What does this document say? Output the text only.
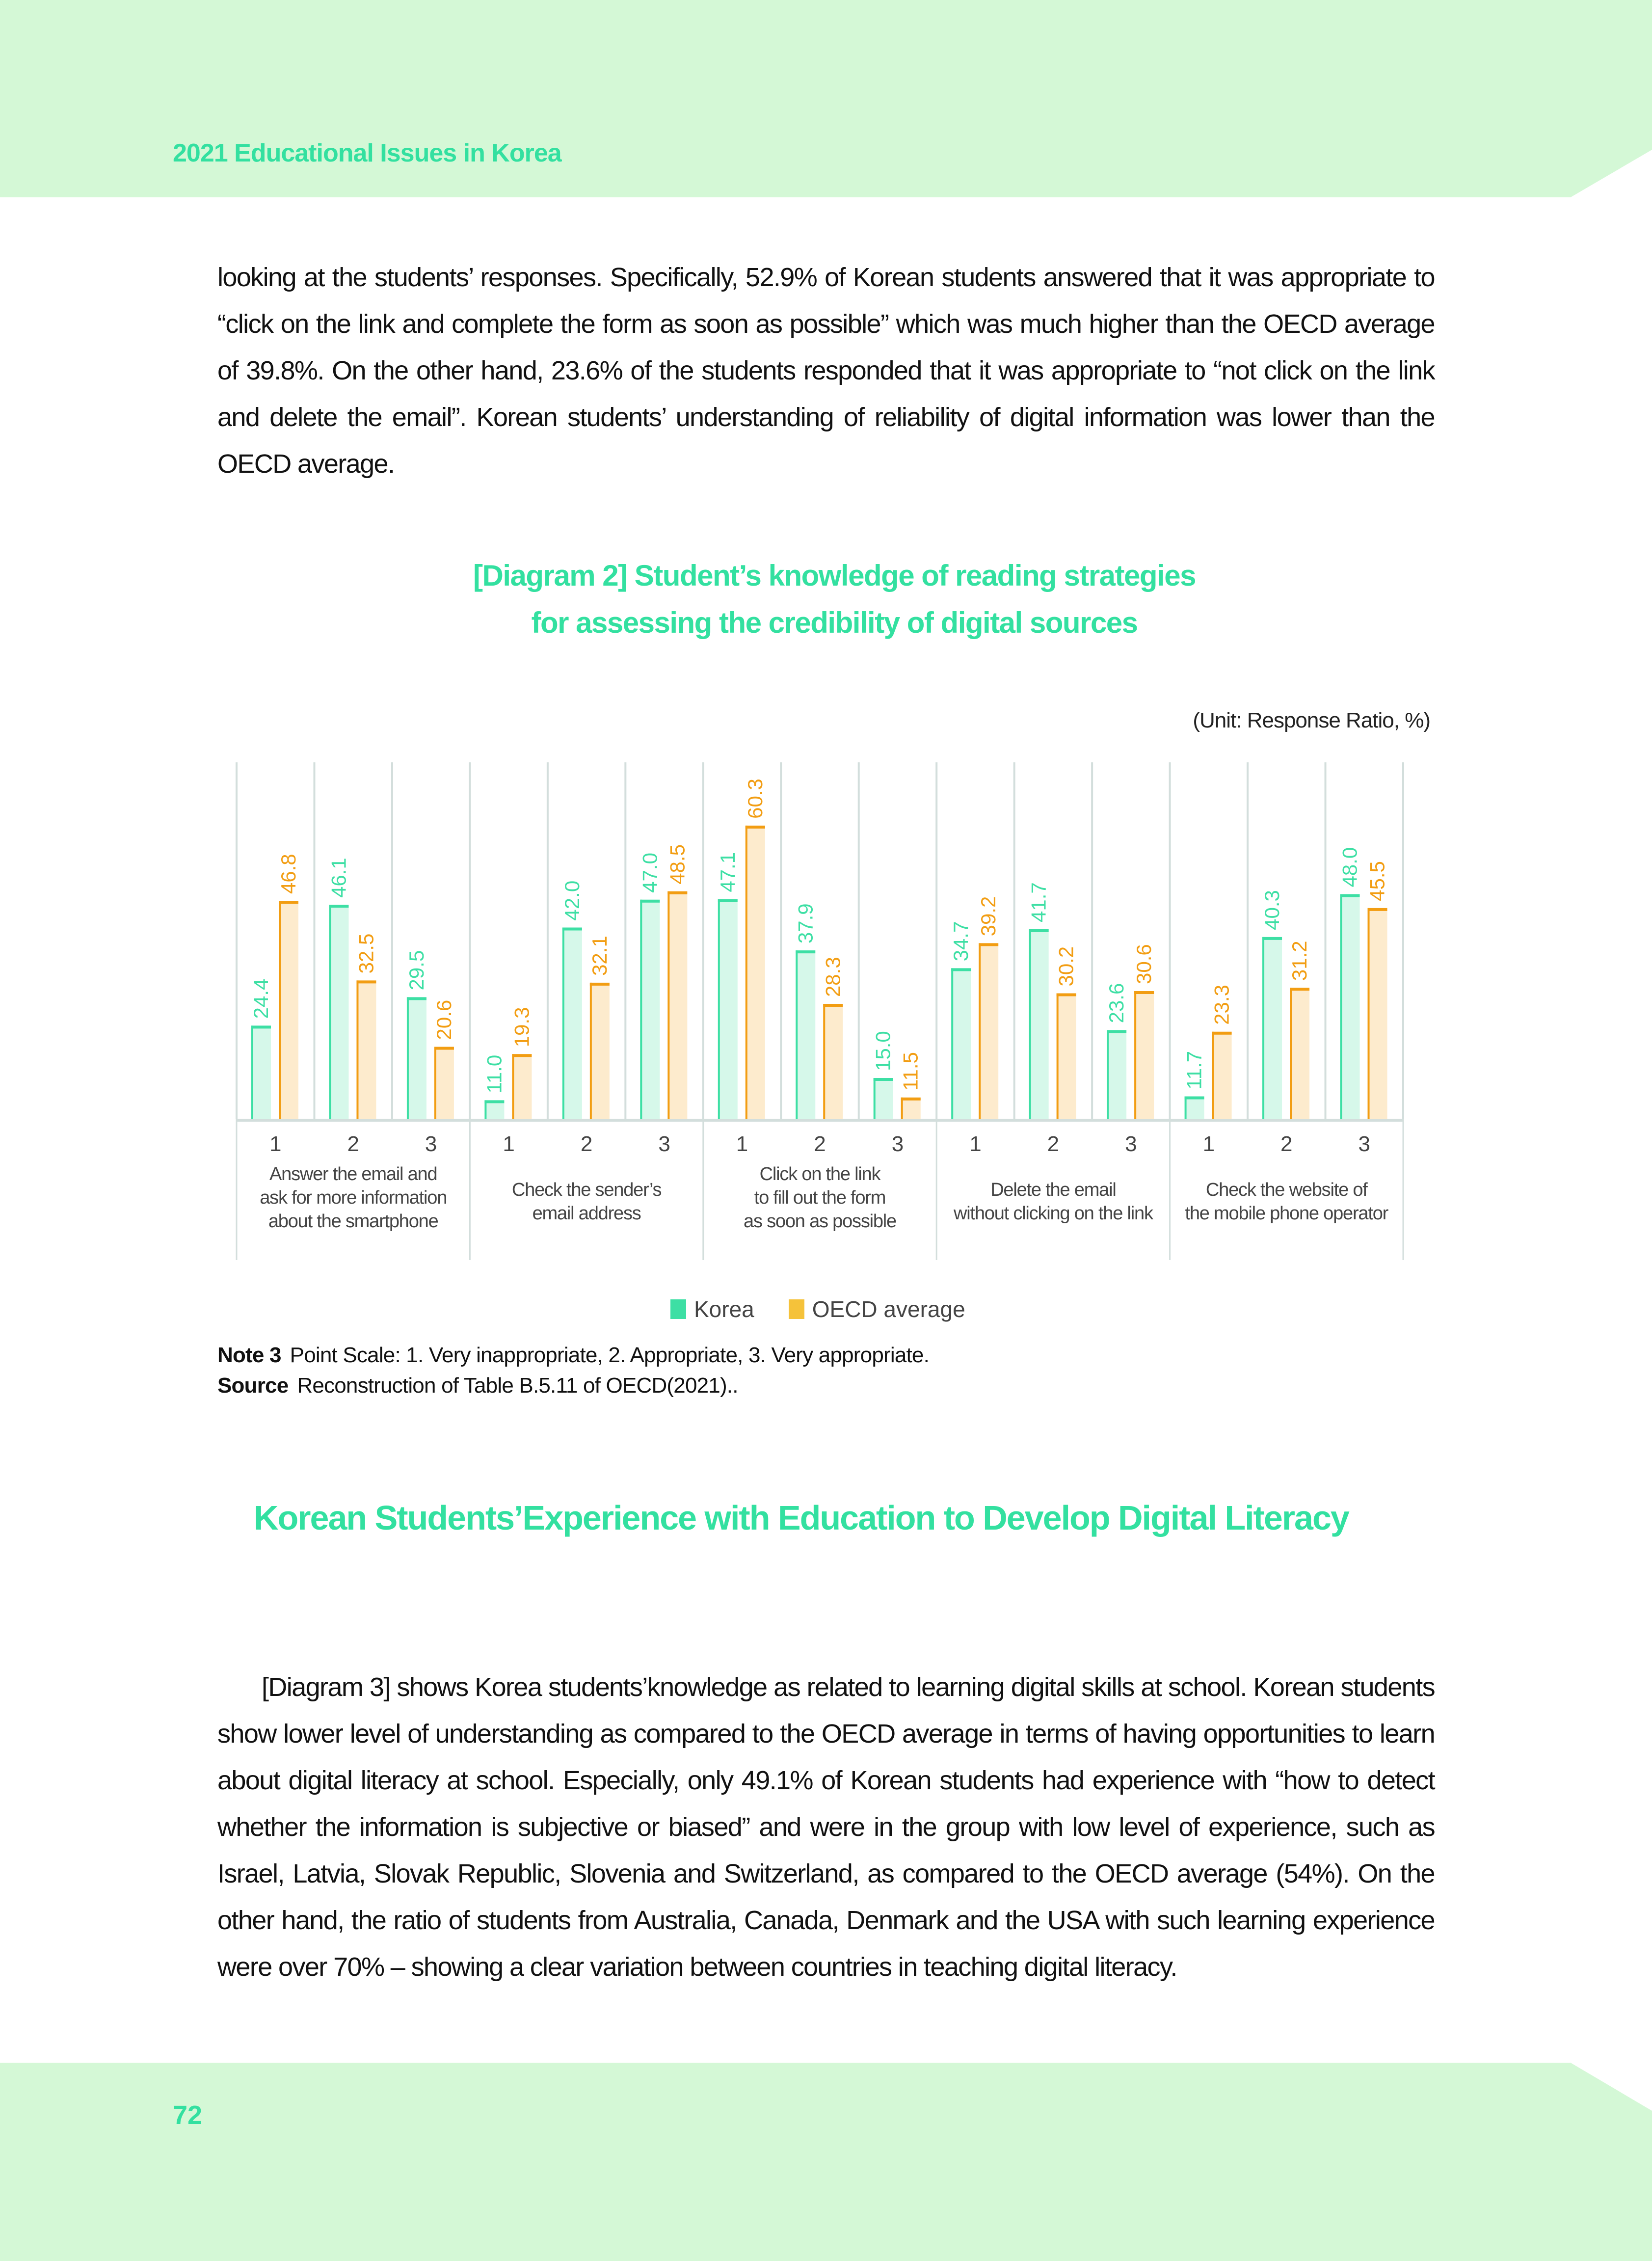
2021 Educational Issues in Korea

looking at the students’ responses. Specifically, 52.9% of Korean students answered that it was appropriate to “click on the link and complete the form as soon as possible” which was much higher than the OECD average of 39.8%. On the other hand, 23.6% of the students responded that it was appropriate to “not click on the link and delete the email”. Korean students’ understanding of reliability of digital information was lower than the OECD average.

[Diagram 2] Student’s knowledge of reading strategies
for assessing the credibility of digital sources
(Unit: Response Ratio, %)
24.4
46.8
1
46.1
32.5
2
29.5
20.6
3
11.0
19.3
1
42.0
32.1
2
47.0 48.5
3
47.1
60.3
1
37.9
28.3
2
15.0
11.5
3
34.7
39.2
1
41.7
30.2
2
23.6
30.6
3
11.7
23.3
1
40.3
31.2
2
48.0 45.5
3
Answer the email and
ask for more information
about the smartphone
Check the sender’s
email address
Click on the link
to fill out the form
as soon as possible
Delete the email
without clicking on the link
Check the website of
the mobile phone operator
Korea	OECD average
Note 3 Point Scale: 1. Very inappropriate, 2. Appropriate, 3. Very appropriate.
Source Reconstruction of Table B.5.11 of OECD(2021)..
Korean Students’Experience with Education to Develop Digital Literacy

[Diagram 3] shows Korea students’knowledge as related to learning digital skills at school. Korean students show lower level of understanding as compared to the OECD average in terms of having opportunities to learn about digital literacy at school. Especially, only 49.1% of Korean students had experience with “how to detect whether the information is subjective or biased” and were in the group with low level of experience, such as Israel, Latvia, Slovak Republic, Slovenia and Switzerland, as compared to the OECD average (54%). On the other hand, the ratio of students from Australia, Canada, Denmark and the USA with such learning experience were over 70% – showing a clear variation between countries in teaching digital literacy.

72
